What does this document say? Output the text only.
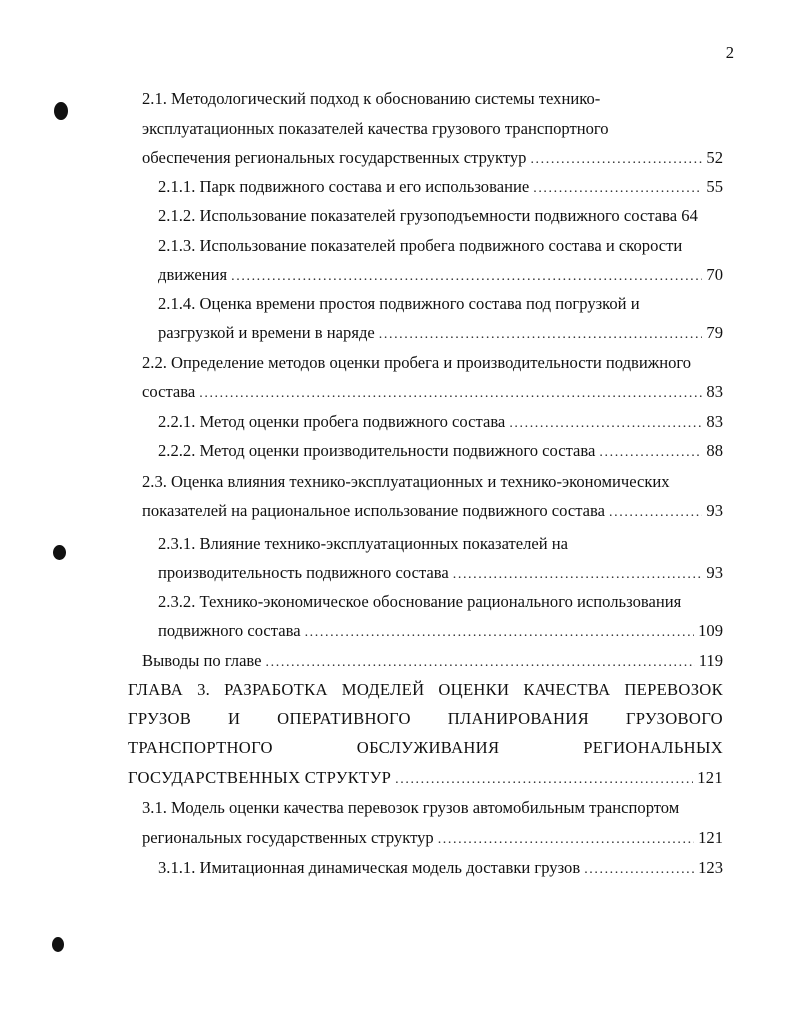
2
2.1. Методологический подход к обоснованию системы технико-
эксплуатационных показателей качества грузового транспортного
обеспечения региональных государственных структур .....	52
2.1.1. Парк подвижного состава и его использование .....	55
2.1.2. Использование показателей грузоподъемности подвижного состава 64
2.1.3. Использование показателей пробега подвижного состава и скорости
движения .....	70
2.1.4. Оценка времени простоя подвижного состава под погрузкой и
разгрузкой и времени в наряде .....	79
2.2. Определение методов оценки пробега и производительности подвижного
состава .....	83
2.2.1. Метод оценки пробега подвижного состава .....	83
2.2.2. Метод оценки производительности подвижного состава .....	88
2.3. Оценка влияния технико-эксплуатационных и технико-экономических
показателей на рациональное использование подвижного состава .....	93
2.3.1. Влияние технико-эксплуатационных показателей на
производительность подвижного состава .....	93
2.3.2. Технико-экономическое обоснование рационального использования
подвижного состава .....	109
Выводы по главе .....	119
ГЛАВА 3. РАЗРАБОТКА МОДЕЛЕЙ ОЦЕНКИ КАЧЕСТВА ПЕРЕВОЗОК
ГРУЗОВ И ОПЕРАТИВНОГО ПЛАНИРОВАНИЯ ГРУЗОВОГО
ТРАНСПОРТНОГО	ОБСЛУЖИВАНИЯ	РЕГИОНАЛЬНЫХ
ГОСУДАРСТВЕННЫХ СТРУКТУР .....	121
3.1. Модель оценки качества перевозок грузов автомобильным транспортом
региональных государственных структур .....	121
3.1.1. Имитационная динамическая модель доставки грузов .....	123
